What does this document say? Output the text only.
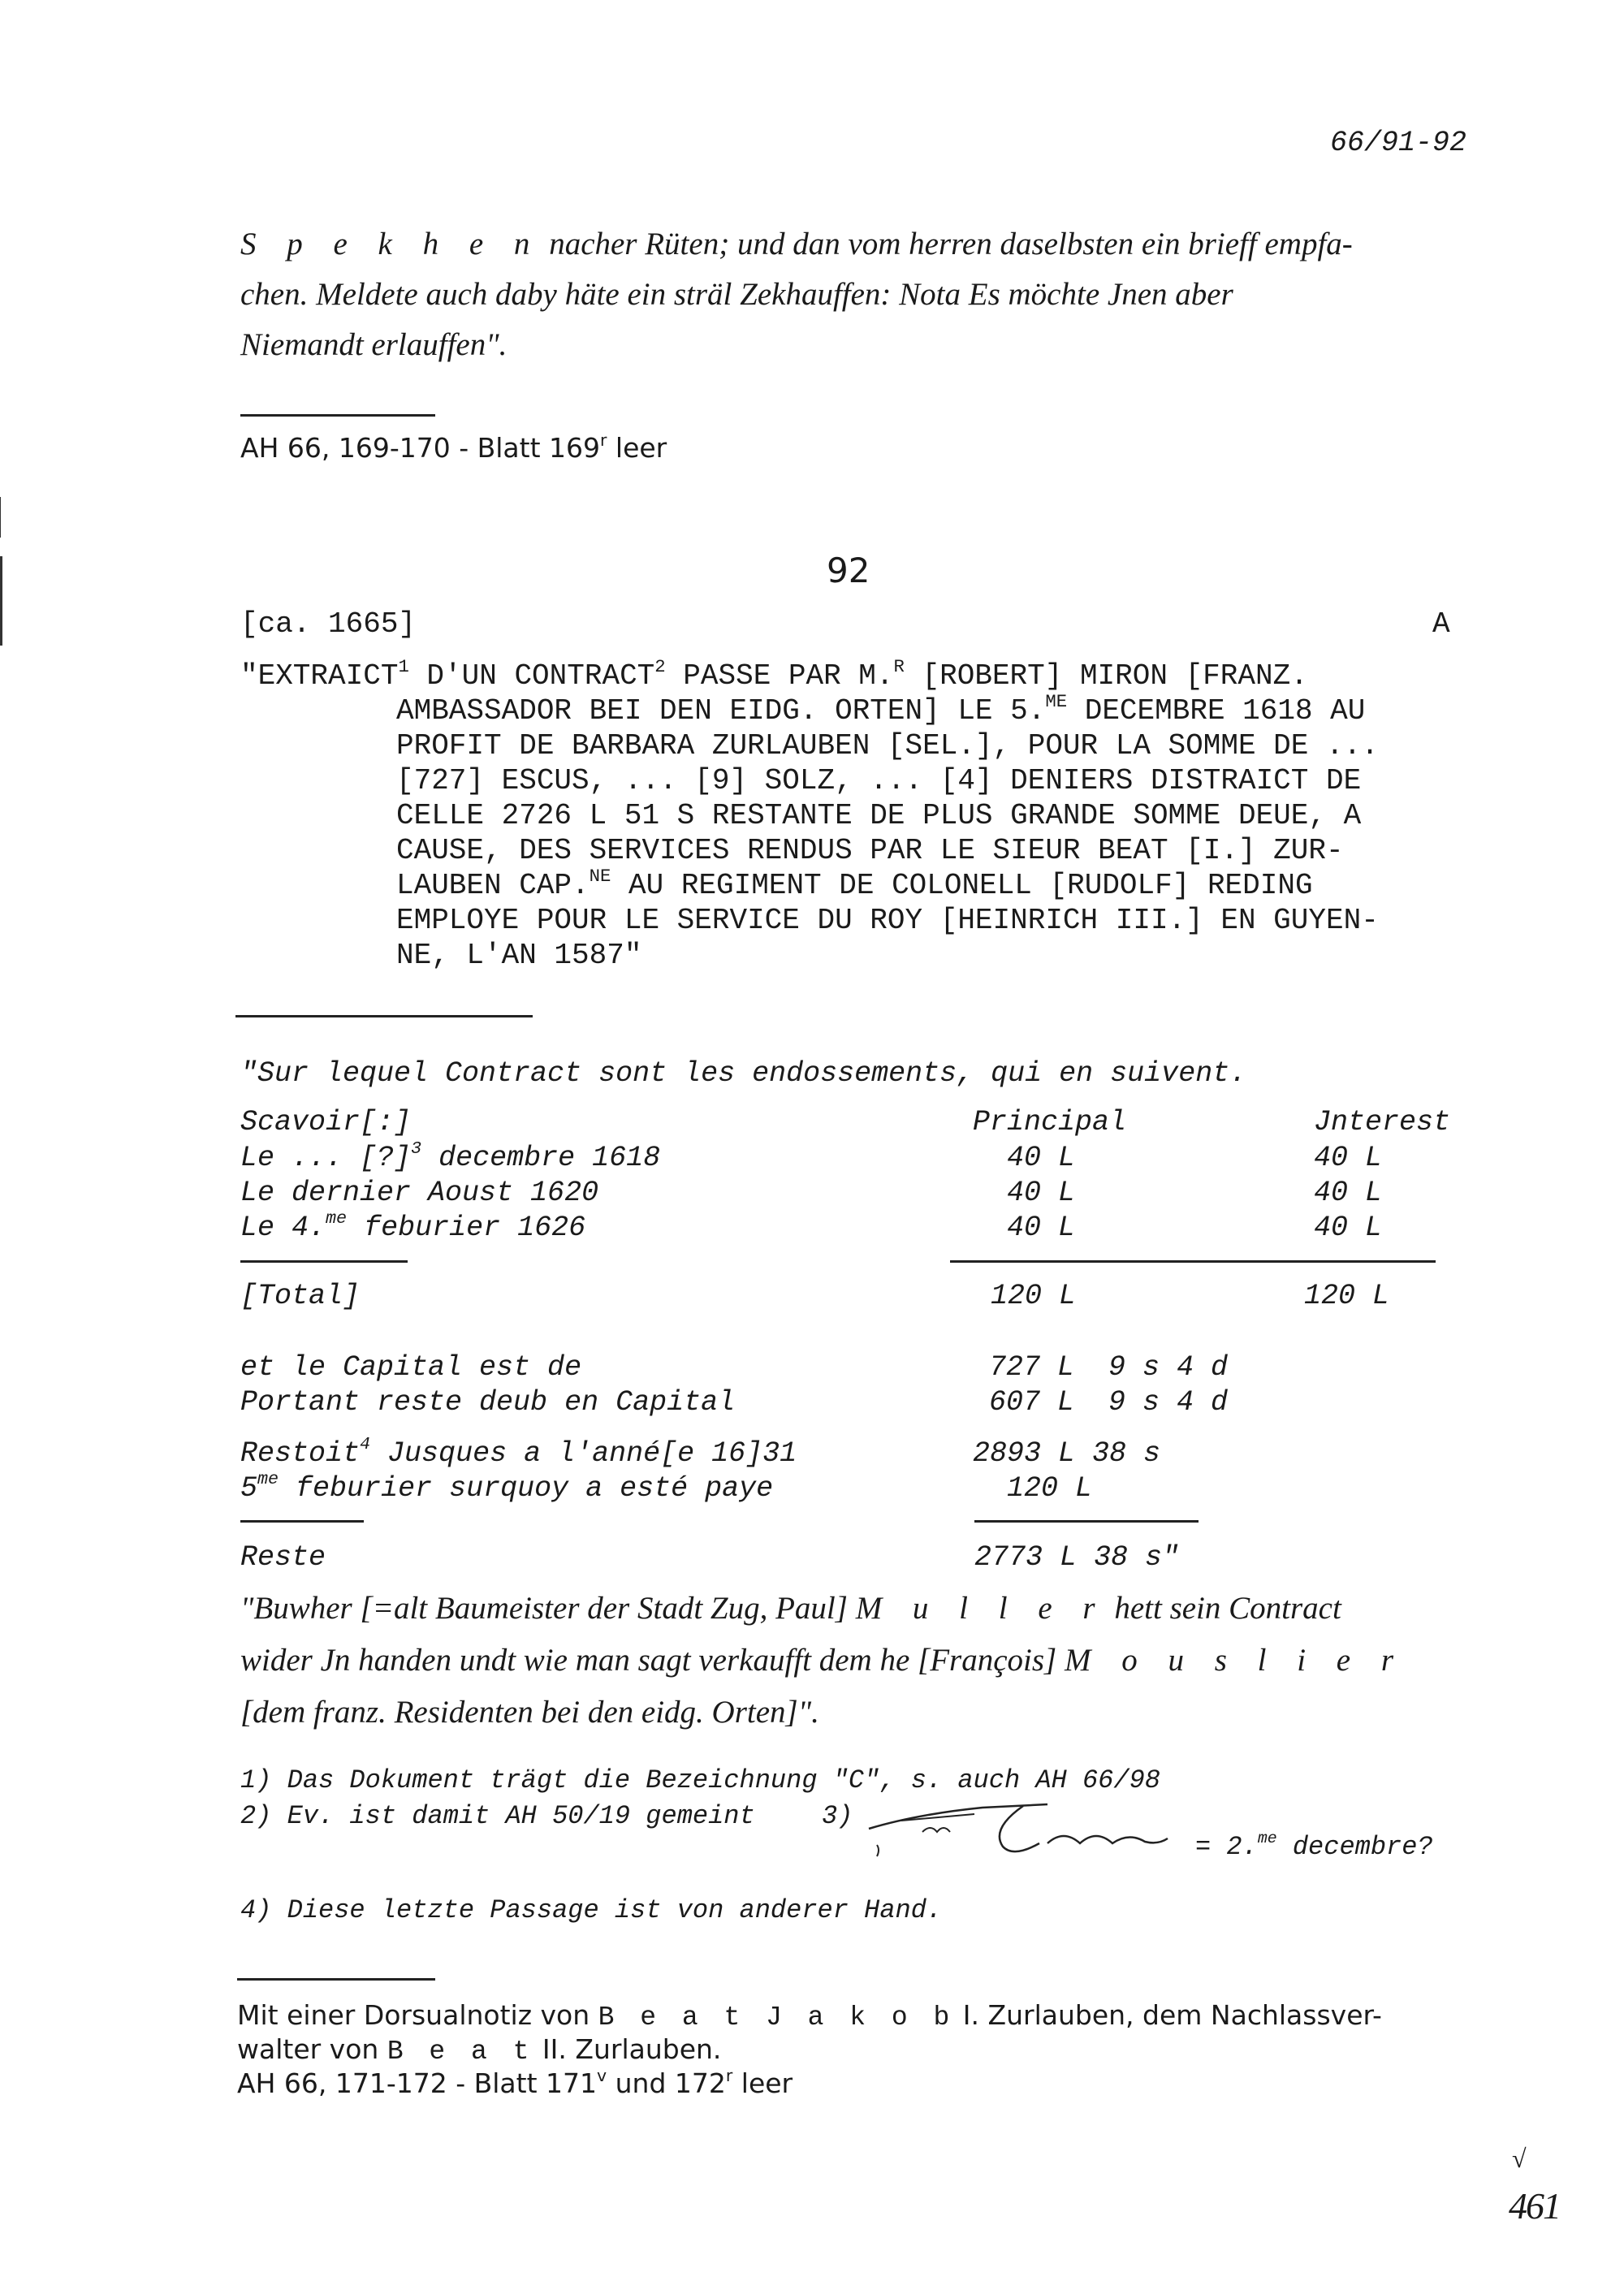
66/91-92
S p e k h e n nacher Rüten; und dan vom herren daselbsten ein brieff empfa-
chen. Meldete auch daby häte ein sträl Zekhauffen: Nota Es möchte Jnen aber
Niemandt erlauffen".
AH 66, 169-170 - Blatt 169$^r$ leer
92
[ca. 1665]	A
"EXTRAICT$^1$ D'UN CONTRACT$^2$ PASSE PAR M.$^R$ [ROBERT] MIRON [FRANZ.
AMBASSADOR BEI DEN EIDG. ORTEN] LE 5.$^{ME}$ DECEMBRE 1618 AU
PROFIT DE BARBARA ZURLAUBEN [SEL.], POUR LA SOMME DE ...
[727] ESCUS, ... [9] SOLZ, ... [4] DENIERS DISTRAICT DE
CELLE 2726 L 51 S RESTANTE DE PLUS GRANDE SOMME DEUE, A
CAUSE, DES SERVICES RENDUS PAR LE SIEUR BEAT [I.] ZUR-
LAUBEN CAP.$^{NE}$ AU REGIMENT DE COLONELL [RUDOLF] REDING
EMPLOYE POUR LE SERVICE DU ROY [HEINRICH III.] EN GUYEN-
NE, L'AN 1587"
"Sur lequel Contract sont les endossements, qui en suivent.
Scavoir[:]	Principal	Jnterest
Le ... [?]$^3$ decembre 1618	40 L	40 L
Le dernier Aoust 1620	40 L	40 L
Le 4.$^{me}$ feburier 1626	40 L	40 L
[Total]	120 L	120 L
et le Capital est de	727 L  9 s 4 d
Portant reste deub en Capital	607 L  9 s 4 d
Restoit$^4$ Jusques a l'anné[e 16]31	2893 L 38 s
$5^{me}$ feburier surquoy a esté paye	120 L
Reste	2773 L 38 s"
"Buwher [=alt Baumeister der Stadt Zug, Paul] M u l l e r hett sein Contract
wider Jn handen undt wie man sagt verkaufft dem he [François] M o u s l i e r
[dem franz. Residenten bei den eidg. Orten]".
1) Das Dokument trägt die Bezeichnung "C", s. auch AH 66/98
2) Ev. ist damit AH 50/19 gemeint	3)
= 2.$^{me}$ decembre?
4) Diese letzte Passage ist von anderer Hand.
Mit einer Dorsualnotiz von B e a t J a k o b I. Zurlauben, dem Nachlassver-
walter von B e a t II. Zurlauben.
AH 66, 171-172 - Blatt 171$^v$ und 172$^r$ leer
√
461
